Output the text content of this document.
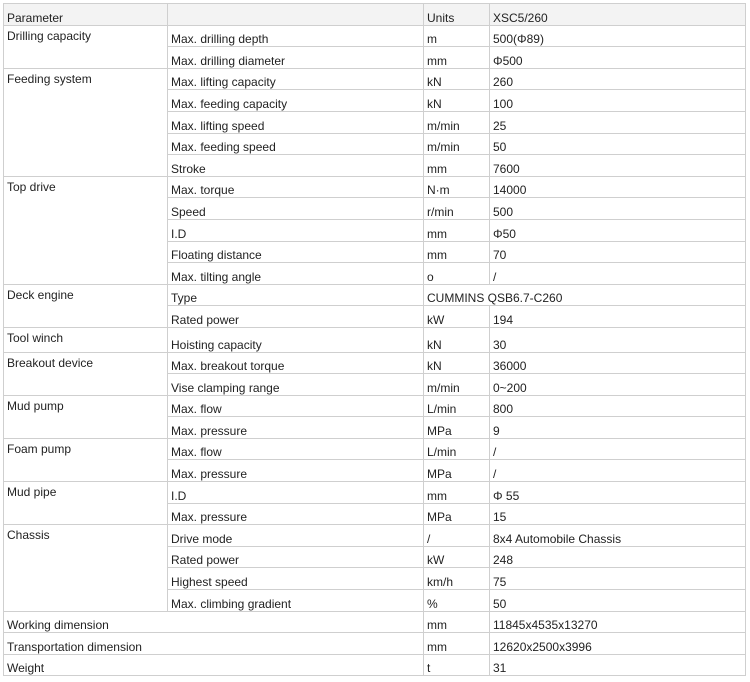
Parameter		Units	XSC5/260
Drilling capacity	Max. drilling depth	m	500(Φ89)
	Max. drilling diameter	mm	Φ500
Feeding system	Max. lifting capacity	kN	260
	Max. feeding capacity	kN	100
	Max. lifting speed	m/min	25
	Max. feeding speed	m/min	50
	Stroke	mm	7600
Top drive	Max. torque	N·m	14000
	Speed	r/min	500
	I.D	mm	Φ50
	Floating distance	mm	70
	Max. tilting angle	o	/
Deck engine	Type	CUMMINS QSB6.7-C260	
	Rated power	kW	194
Tool winch	Hoisting capacity	kN	30
Breakout device	Max. breakout torque	kN	36000
	Vise clamping range	m/min	0~200
Mud pump	Max. flow	L/min	800
	Max. pressure	MPa	9
Foam pump	Max. flow	L/min	/
	Max. pressure	MPa	/
Mud pipe	I.D	mm	Φ 55
	Max. pressure	MPa	15
Chassis	Drive mode	/	8x4 Automobile Chassis
	Rated power	kW	248
	Highest speed	km/h	75
	Max. climbing gradient	%	50
Working dimension		mm	11845x4535x13270
Transportation dimension		mm	12620x2500x3996
Weight		t	31
